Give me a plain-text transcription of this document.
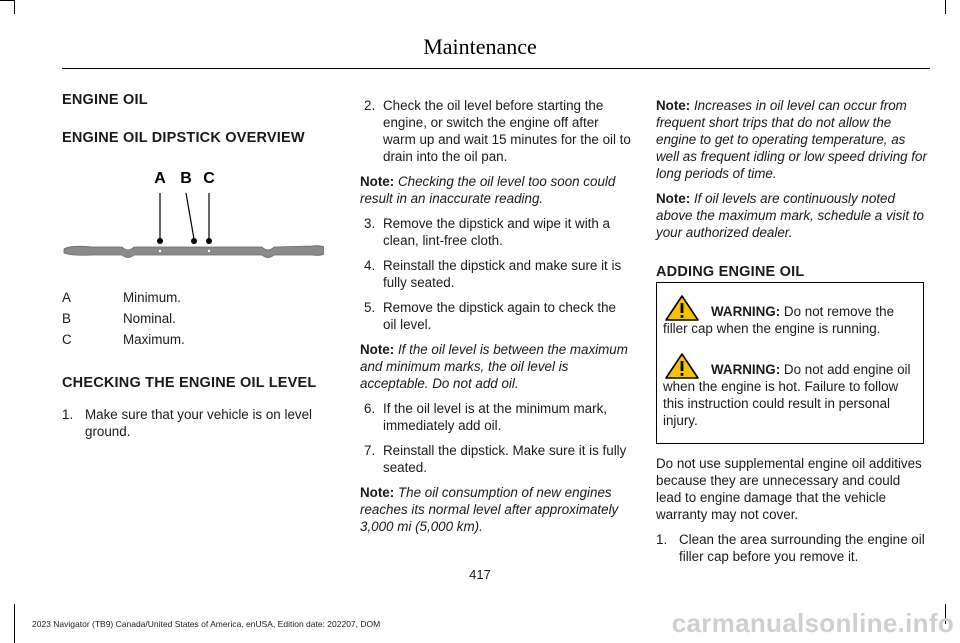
Maintenance
ENGINE OIL
ENGINE OIL DIPSTICK OVERVIEW
A B C
A	Minimum.
B	Nominal.
C	Maximum.
CHECKING THE ENGINE OIL LEVEL
1. Make sure that your vehicle is on level ground.
2. Check the oil level before starting the engine, or switch the engine off after warm up and wait 15 minutes for the oil to drain into the oil pan.
Note: Checking the oil level too soon could result in an inaccurate reading.
3. Remove the dipstick and wipe it with a clean, lint-free cloth.
4. Reinstall the dipstick and make sure it is fully seated.
5. Remove the dipstick again to check the oil level.
Note: If the oil level is between the maximum and minimum marks, the oil level is acceptable. Do not add oil.
6. If the oil level is at the minimum mark, immediately add oil.
7. Reinstall the dipstick. Make sure it is fully seated.
Note: The oil consumption of new engines reaches its normal level after approximately 3,000 mi (5,000 km).
Note: Increases in oil level can occur from frequent short trips that do not allow the engine to get to operating temperature, as well as frequent idling or low speed driving for long periods of time.
Note: If oil levels are continuously noted above the maximum mark, schedule a visit to your authorized dealer.
ADDING ENGINE OIL
WARNING: Do not remove the filler cap when the engine is running.
WARNING: Do not add engine oil when the engine is hot. Failure to follow this instruction could result in personal injury.
Do not use supplemental engine oil additives because they are unnecessary and could lead to engine damage that the vehicle warranty may not cover.
1. Clean the area surrounding the engine oil filler cap before you remove it.
417
2023 Navigator (TB9) Canada/United States of America, enUSA, Edition date: 202207, DOM	carmanualsonline.info
